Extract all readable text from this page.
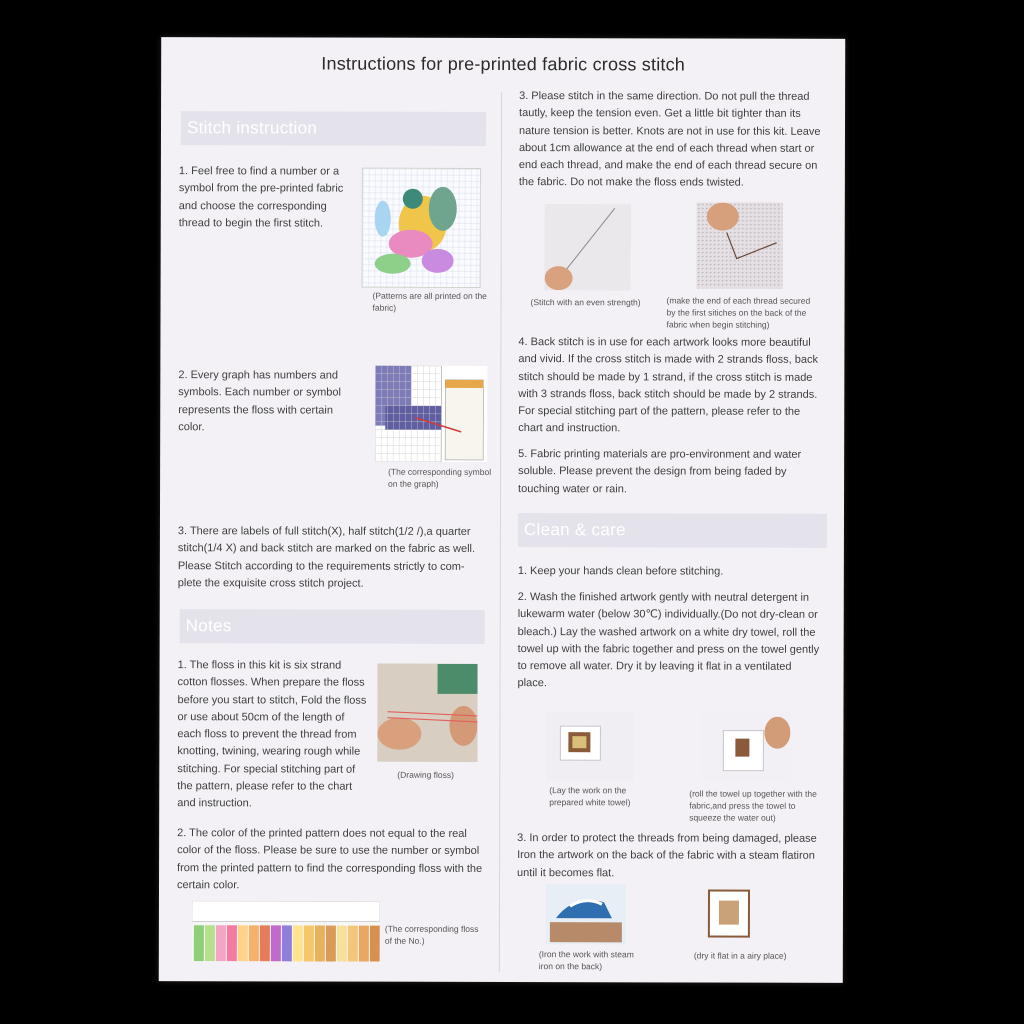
Instructions for pre-printed fabric cross stitch
Stitch instruction
1. Feel free to find a number or a symbol from the pre-printed fabric and choose the corresponding thread to begin the first stitch.
(Patterns are all printed on the fabric)
2. Every graph has numbers and symbols. Each number or symbol represents the floss with certain color.
(The corresponding symbol on the graph)
3. There are labels of full stitch(X), half stitch(1/2 /),a quarter stitch(1/4 X) and back stitch are marked on the fabric as well. Please Stitch according to the requirements strictly to com-plete the exquisite cross stitch project.
Notes
1. The floss in this kit is six strand cotton flosses. When prepare the floss before you start to stitch, Fold the floss or use about 50cm of the length of each floss to prevent the thread from knotting, twining, wearing rough while stitching. For special stitching part of the pattern, please refer to the chart and instruction.
(Drawing floss)
2. The color of the printed pattern does not equal to the real color of the floss. Please be sure to use the number or symbol from the printed pattern to find the corresponding floss with the certain color.
(The corresponding floss of the No.)
3. Please stitch in the same direction. Do not pull the thread tautly, keep the tension even. Get a little bit tighter than its nature tension is better. Knots are not in use for this kit. Leave about 1cm allowance at the end of each thread when start or end each thread, and make the end of each thread secure on the fabric. Do not make the floss ends twisted.
(Stitch with an even strength)	(make the end of each thread secured by the first sitiches on the back of the fabric when begin stitching)
4. Back stitch is in use for each artwork looks more beautiful and vivid. If the cross stitch is made with 2 strands floss, back stitch should be made by 1 strand, if the cross stitch is made with 3 strands floss, back stitch should be made by 2 strands. For special stitching part of the pattern, please refer to the chart and instruction.
5. Fabric printing materials are pro-environment and water soluble. Please prevent the design from being faded by touching water or rain.
Clean & care
1. Keep your hands clean before stitching.
2. Wash the finished artwork gently with neutral detergent in lukewarm water (below 30℃) individually.(Do not dry-clean or bleach.) Lay the washed artwork on a white dry towel, roll the towel up with the fabric together and press on the towel gently to remove all water. Dry it by leaving it flat in a ventilated place.
(Lay the work on the prepared white towel)
(roll the towel up together with the fabric,and press the towel to squeeze the water out)
3. In order to protect the threads from being damaged, please Iron the artwork on the back of the fabric with a steam flatiron until it becomes flat.
(Iron the work with steam iron on the back)
(dry it flat in a airy place)
